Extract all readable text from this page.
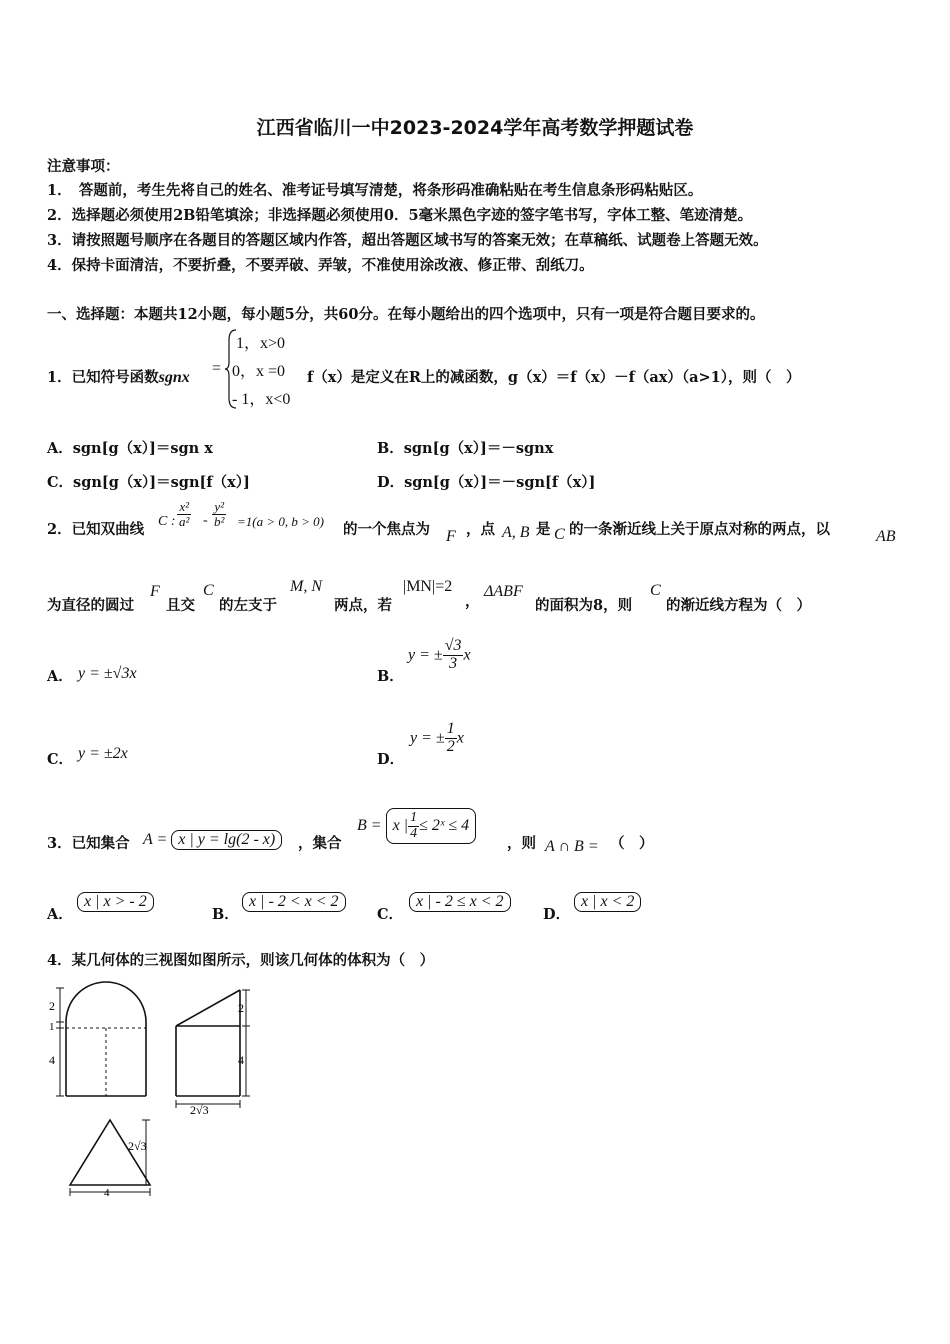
江西省临川一中2023-2024学年高考数学押题试卷
注意事项：
1．　答题前，考生先将自己的姓名、准考证号填写清楚，将条形码准确粘贴在考生信息条形码粘贴区。
2．选择题必须使用2B铅笔填涂；非选择题必须使用0．5毫米黑色字迹的签字笔书写，字体工整、笔迹清楚。
3．请按照题号顺序在各题目的答题区域内作答，超出答题区域书写的答案无效；在草稿纸、试题卷上答题无效。
4．保持卡面清洁，不要折叠，不要弄破、弄皱，不准使用涂改液、修正带、刮纸刀。
一、选择题：本题共12小题，每小题5分，共60分。在每小题给出的四个选项中，只有一项是符合题目要求的。
1．已知符号函数sgnx
=
1，x>0
0，x =0
- 1，x<0
f（x）是定义在R上的减函数，g（x）＝f（x）－f（ax）（a>1），则（　）
A．sgn[g（x）]＝sgn x	B．sgn[g（x）]＝－sgnx
C．sgn[g（x）]＝sgn[f（x）]	D．sgn[g（x）]＝－sgn[f（x）]
2．已知双曲线 C : $\frac{\text{x²}}{\text{a²}} - \frac{\text{y²}}{\text{b²}} =1(a > 0$, b > 0) 的一个焦点为 F ，点 A, B 是 C 的一条渐近线上关于原点对称的两点，以	AB
为直径的圆过
F
且交
C
的左支于
M, N
两点，若
|MN|=2
，
ΔABF
的面积为8，则
C
的渐近线方程为（　）
A． y = ±√3x	B．
y = ± $\frac{√3}{3}$ x
C． y = ±2x	D．
y = ± $\frac{1}{2}$ x
3．已知集合 A = x | y = lg(2 - x)	，集合
B = x | $\frac{1}{4}$ ≤ 2ˣ ≤ 4
，则 A ∩ B = （　）
A．
x | x > - 2
B．
x | - 2 < x < 2
C．
x | - 2 ≤ x < 2
D．
x | x < 2
4．某几何体的三视图如图所示，则该几何体的体积为（　）
2
1
4
2
4
2√3
2√3
4
